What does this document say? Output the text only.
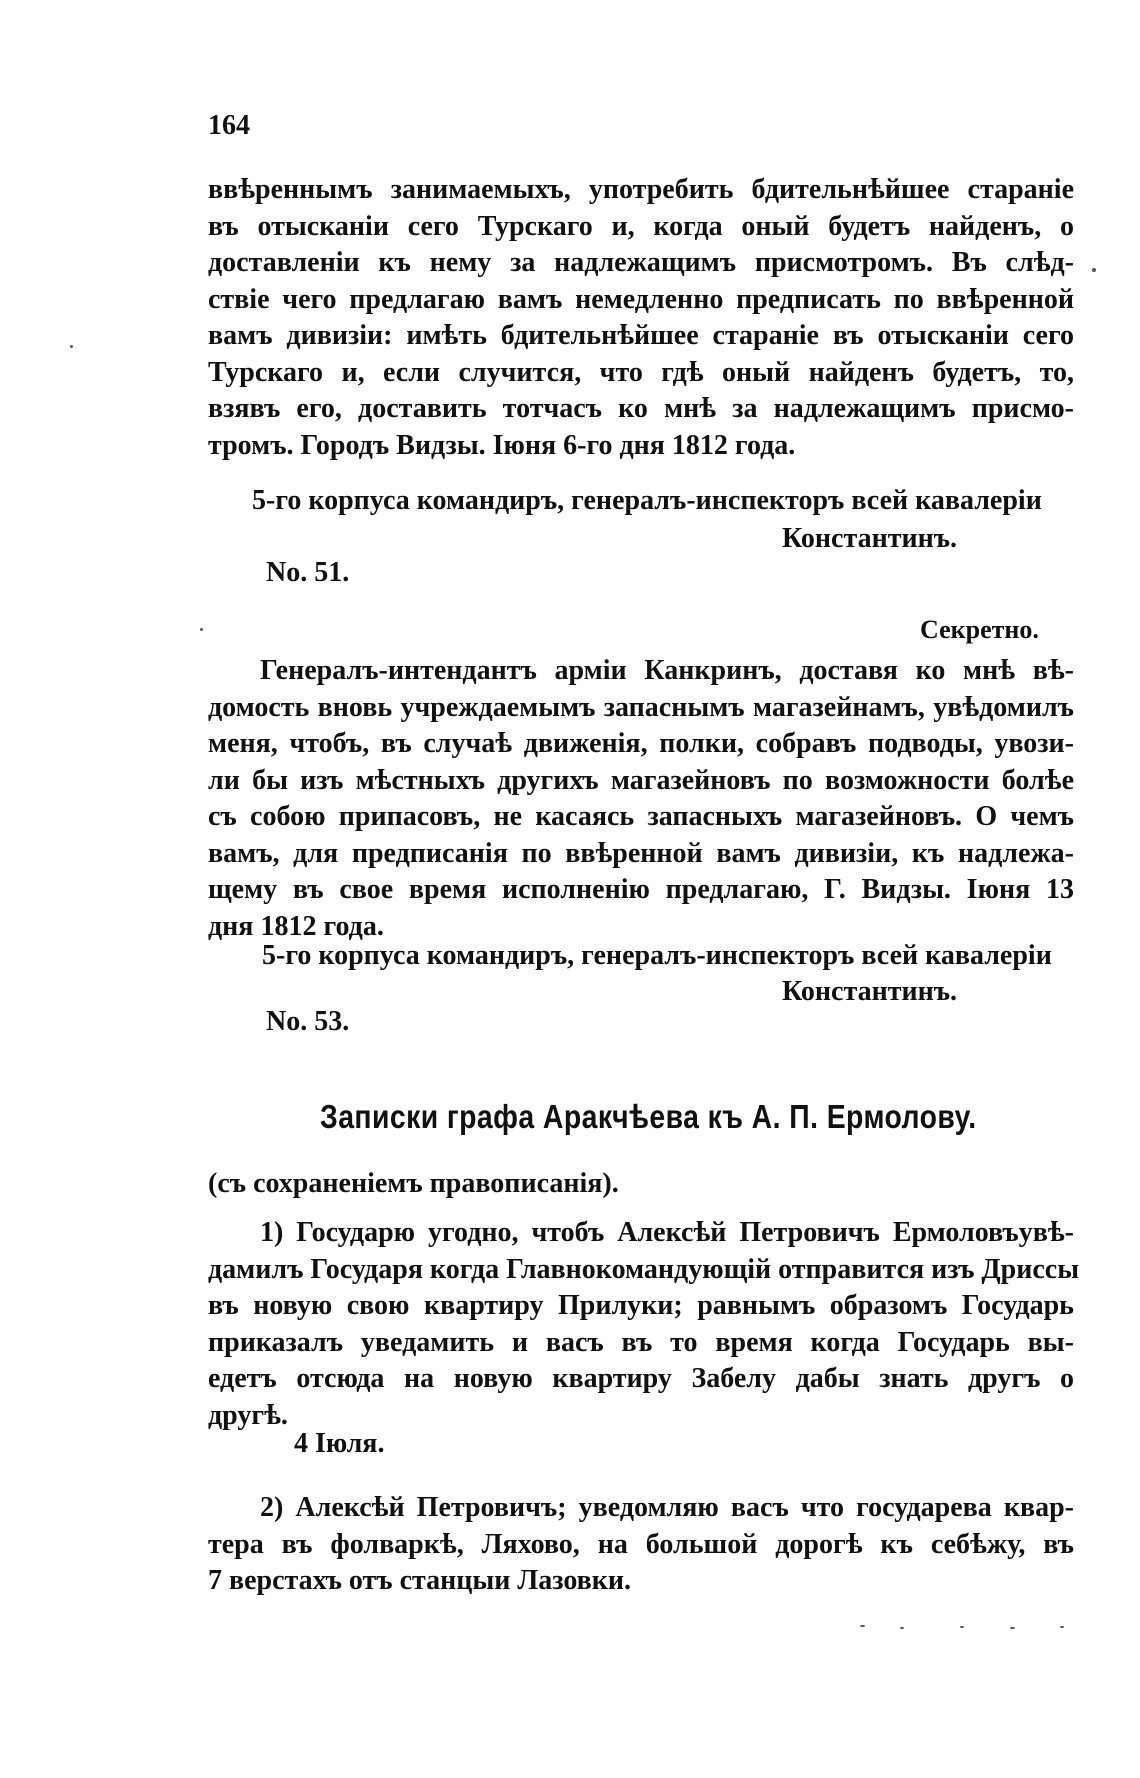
164
ввѣреннымъ занимаемыхъ, употребить бдительнѣйшее стараніе
въ отысканіи сего Турскаго и, когда оный будетъ найденъ, о
доставленіи къ нему за надлежащимъ присмотромъ. Въ слѣд-
ствіе чего предлагаю вамъ немедленно предписать по ввѣренной
вамъ дивизіи: имѣть бдительнѣйшее стараніе въ отысканіи сего
Турскаго и, если случится, что гдѣ оный найденъ будетъ, то,
взявъ его, доставить тотчасъ ко мнѣ за надлежащимъ присмо-
тромъ. Городъ Видзы. Іюня 6-го дня 1812 года.
5-го корпуса командиръ, генералъ-инспекторъ всей кавалеріи
Константинъ.
No. 51.
Секретно.
Генералъ-интендантъ арміи Канкринъ, доставя ко мнѣ вѣ-
домость вновь учреждаемымъ запаснымъ магазейнамъ, увѣдомилъ
меня, чтобъ, въ случаѣ движенія, полки, собравъ подводы, увози-
ли бы изъ мѣстныхъ другихъ магазейновъ по возможности болѣе
съ собою припасовъ, не касаясь запасныхъ магазейновъ. О чемъ
вамъ, для предписанія по ввѣренной вамъ дивизіи, къ надлежа-
щему въ свое время исполненію предлагаю, Г. Видзы. Іюня 13
дня 1812 года.
5-го корпуса командиръ, генералъ-инспекторъ всей кавалеріи
Константинъ.
No. 53.
Записки графа Аракчѣева къ А. П. Ермолову.
(съ сохраненіемъ правописанія).
1) Государю угодно, чтобъ Алексѣй Петровичъ Ермоловъувѣ-
дамилъ Государя когда Главнокомандующій отправится изъ Дриссы
въ новую свою квартиру Прилуки; равнымъ образомъ Государь
приказалъ уведамить и васъ въ то время когда Государь вы-
едетъ отсюда на новую квартиру Забелу дабы знать другъ о
другѣ.
4 Іюля.
2) Алексѣй Петровичъ; уведомляю васъ что государева квар-
тера въ фолваркѣ, Ляхово, на большой дорогѣ къ себѣжу, въ
7 верстахъ отъ станцыи Лазовки.
